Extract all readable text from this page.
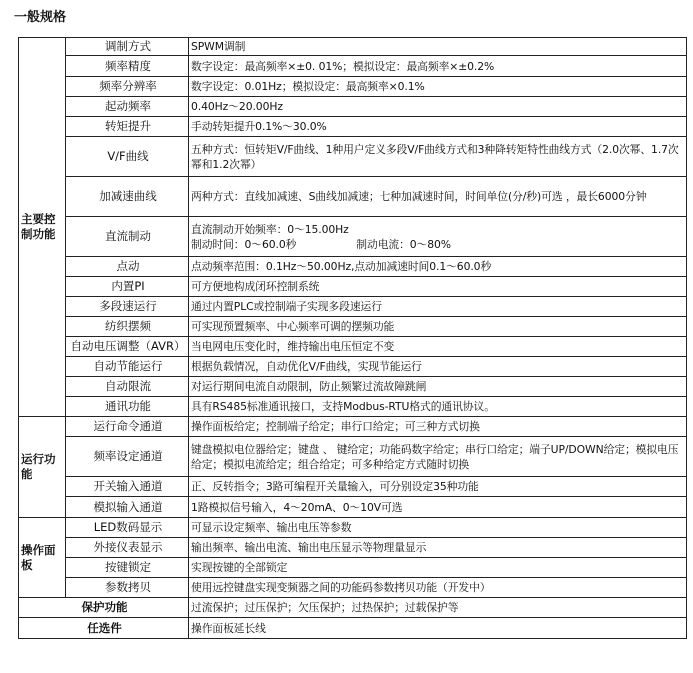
一般规格
主要控制功能	调制方式	SPWM调制
	频率精度	数字设定：最高频率×±0. 01%；模拟设定：最高频率×±0.2%
	频率分辨率	数字设定：0.01Hz；模拟设定：最高频率×0.1%
	起动频率	0.40Hz～20.00Hz
	转矩提升	手动转矩提升0.1%～30.0%
	V/F曲线	五种方式：恒转矩V/F曲线、1种用户定义多段V/F曲线方式和3种降转矩特性曲线方式（2.0次幂、1.7次幂和1.2次幂）
	加减速曲线	两种方式：直线加减速、S曲线加减速；七种加减速时间，时间单位(分/秒)可选 ，最长6000分钟
	直流制动	直流制动开始频率：0～15.00Hz
制动时间：0～60.0秒 制动电流：0～80%

	点动	点动频率范围：0.1Hz～50.00Hz,点动加减速时间0.1～60.0秒
	内置PI	可方便地构成闭环控制系统
	多段速运行	通过内置PLC或控制端子实现多段速运行
	纺织摆频	可实现预置频率、中心频率可调的摆频功能
	自动电压调整（AVR）	当电网电压变化时，维持输出电压恒定不变
	自动节能运行	根据负载情况，自动优化V/F曲线，实现节能运行
	自动限流	对运行期间电流自动限制，防止频繁过流故障跳闸
	通讯功能	具有RS485标准通讯接口，支持Modbus-RTU格式的通讯协议。
运行功能	运行命令通道	操作面板给定；控制端子给定；串行口给定；可三种方式切换
	频率设定通道	键盘模拟电位器给定；键盘 、 键给定；功能码数字给定；串行口给定；端子UP/DOWN给定；模拟电压给定；模拟电流给定；组合给定；可多种给定方式随时切换
	开关输入通道	正、反转指令；3路可编程开关量输入，可分别设定35种功能
	模拟输入通道	1路模拟信号输入，4～20mA、0～10V可选
操作面板	LED数码显示	可显示设定频率、输出电压等参数
	外接仪表显示	输出频率、输出电流、输出电压显示等物理量显示
	按键锁定	实现按键的全部锁定
	参数拷贝	使用远控键盘实现变频器之间的功能码参数拷贝功能（开发中）
保护功能		过流保护；过压保护；欠压保护；过热保护；过载保护等
任选件		操作面板延长线
